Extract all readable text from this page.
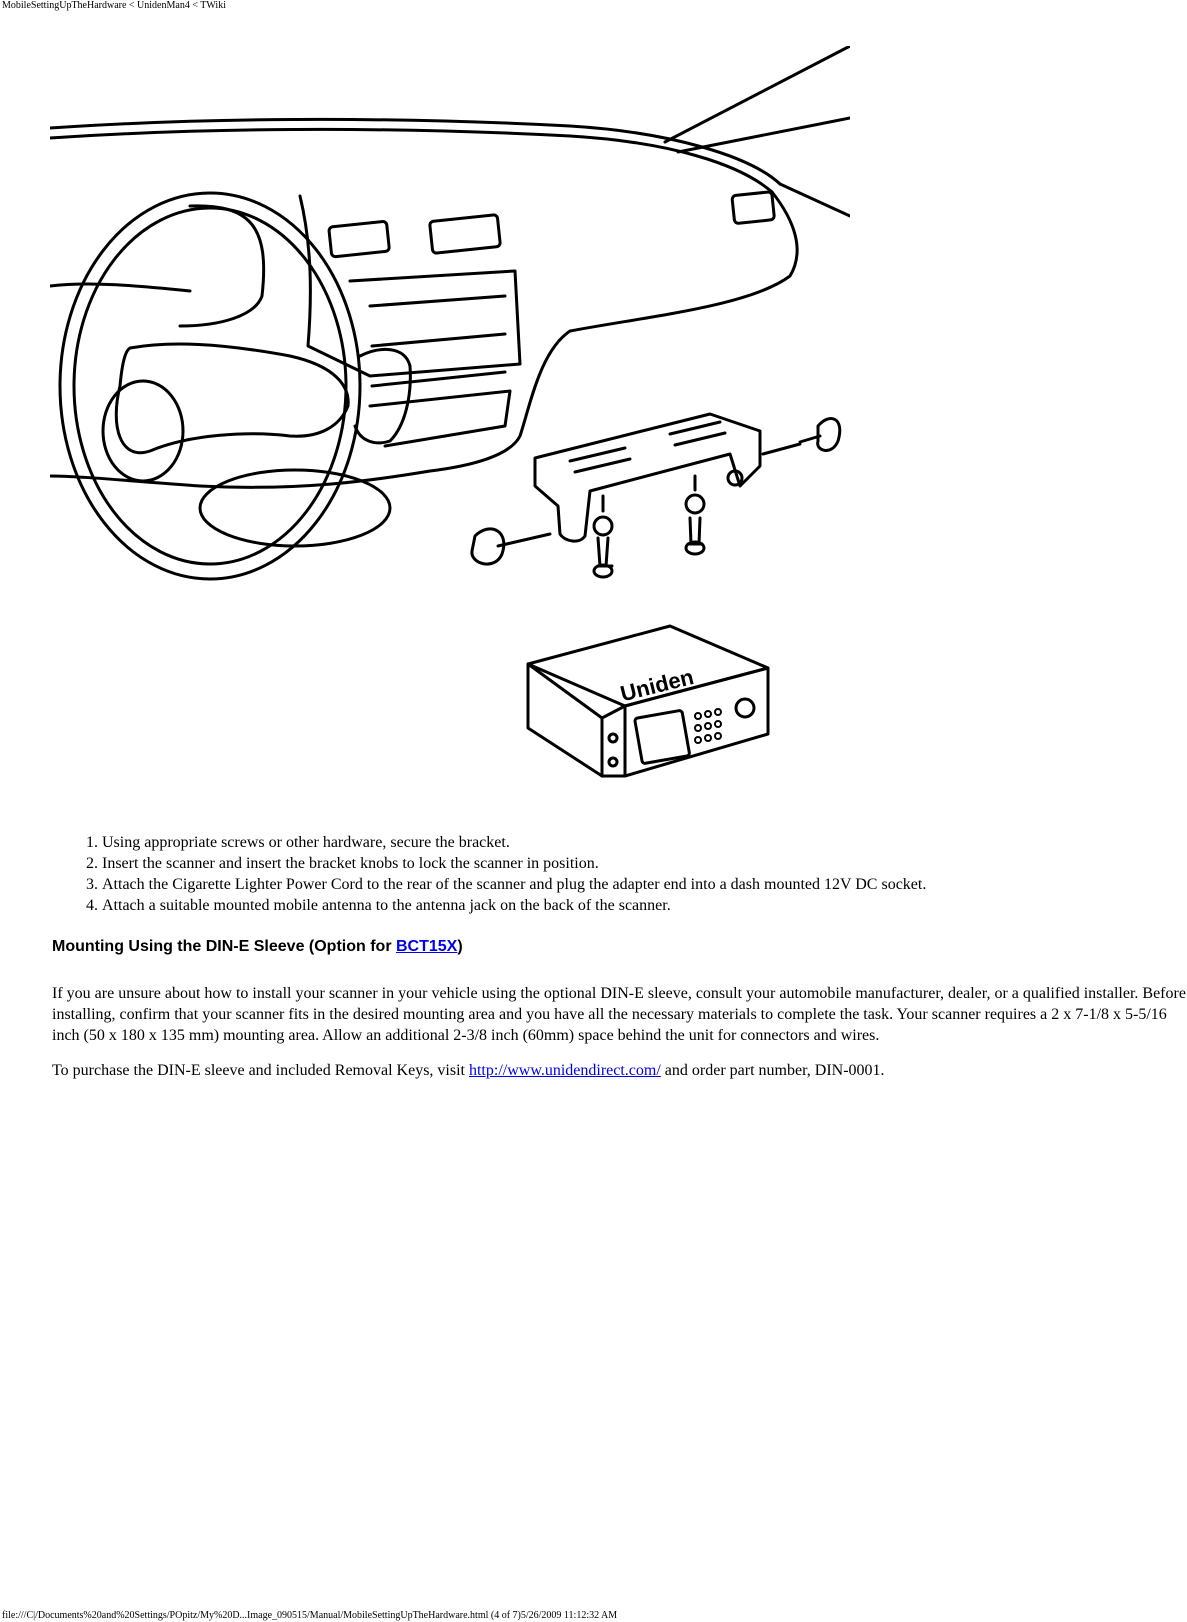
MobileSettingUpTheHardware < UnidenMan4 < TWiki
Uniden
1. Using appropriate screws or other hardware, secure the bracket.
2. Insert the scanner and insert the bracket knobs to lock the scanner in position.
3. Attach the Cigarette Lighter Power Cord to the rear of the scanner and plug the adapter end into a dash mounted 12V DC socket.
4. Attach a suitable mounted mobile antenna to the antenna jack on the back of the scanner.
Mounting Using the DIN-E Sleeve (Option for BCT15X)

If you are unsure about how to install your scanner in your vehicle using the optional DIN-E sleeve, consult your automobile manufacturer, dealer, or a qualified installer. Before installing, confirm that your scanner fits in the desired mounting area and you have all the necessary materials to complete the task. Your scanner requires a 2 x 7-1/8 x 5-5/16 inch (50 x 180 x 135 mm) mounting area. Allow an additional 2-3/8 inch (60mm) space behind the unit for connectors and wires.

To purchase the DIN-E sleeve and included Removal Keys, visit http://www.unidendirect.com/ and order part number, DIN-0001.

file:///C|/Documents%20and%20Settings/POpitz/My%20D...Image_090515/Manual/MobileSettingUpTheHardware.html (4 of 7)5/26/2009 11:12:32 AM
